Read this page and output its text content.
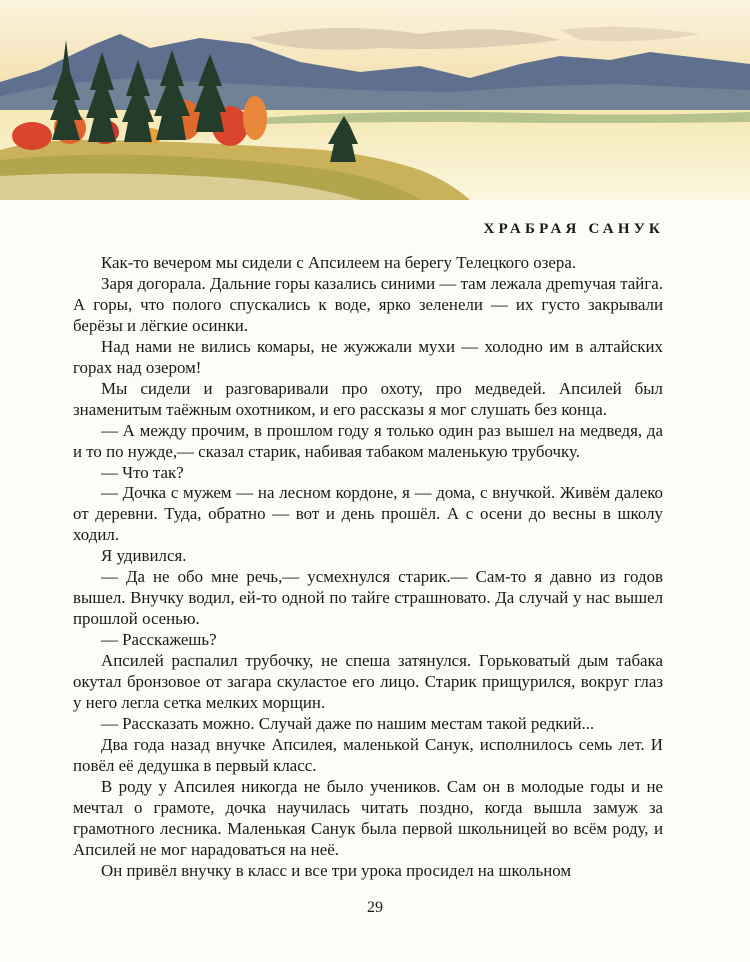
ХРАБРАЯ САНУК

Как-то вечером мы сидели с Апсилеем на берегу Телецкого озера.

Заря догорала. Дальние горы казались синими — там лежала дреmучая тайга. А горы, что полого спускались к воде, ярко зеленели — их густо закрывали берёзы и лёгкие осинки.

Над нами не вились комары, не жужжали мухи — холодно им в алтайских горах над озером!

Мы сидели и разговаривали про охоту, про медведей. Апсилей был знаменитым таёжным охотником, и его рассказы я мог слушать без конца.

— А между прочим, в прошлом году я только один раз вышел на медведя, да и то по нужде,— сказал старик, набивая табаком маленькую трубочку.

— Что так?

— Дочка с мужем — на лесном кордоне, я — дома, с внучкой. Живём далеко от деревни. Туда, обратно — вот и день прошёл. А с осени до весны в школу ходил.

Я удивился.

— Да не обо мне речь,— усмехнулся старик.— Сам-то я давно из годов вышел. Внучку водил, ей-то одной по тайге страшновато. Да случай у нас вышел прошлой осенью.

— Расскажешь?

Апсилей распалил трубочку, не спеша затянулся. Горьковатый дым табака окутал бронзовое от загара скуластое его лицо. Старик прищурился, вокруг глаз у него легла сетка мелких морщин.

— Рассказать можно. Случай даже по нашим местам такой редкий...

Два года назад внучке Апсилея, маленькой Санук, исполнилось семь лет. И повёл её дедушка в первый класс.

В роду у Апсилея никогда не было учеников. Сам он в молодые годы и не мечтал о грамоте, дочка научилась читать поздно, когда вышла замуж за грамотного лесника. Маленькая Санук была первой школьницей во всём роду, и Апсилей не мог нарадоваться на неё.

Он привёл внучку в класс и все три урока просидел на школьном

29
